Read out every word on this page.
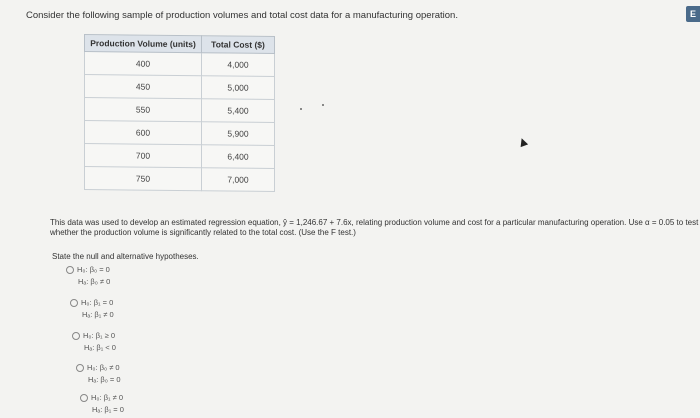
Consider the following sample of production volumes and total cost data for a manufacturing operation.	E
Production Volume (units)	Total Cost ($)
400	4,000
450	5,000
550	5,400
600	5,900
700	6,400
750	7,000
This data was used to develop an estimated regression equation, ŷ = 1,246.67 + 7.6x, relating production volume and cost for a particular manufacturing operation. Use α = 0.05 to test whether the production volume is significantly related to the total cost. (Use the F test.)
State the null and alternative hypotheses.
H₀: β₀ = 0
Hₐ: β₀ ≠ 0
H₀: β₁ = 0
Hₐ: β₁ ≠ 0
H₀: β₁ ≥ 0
Hₐ: β₁ < 0
H₀: β₀ ≠ 0
Hₐ: β₀ = 0
H₀: β₁ ≠ 0
Hₐ: β₁ = 0
